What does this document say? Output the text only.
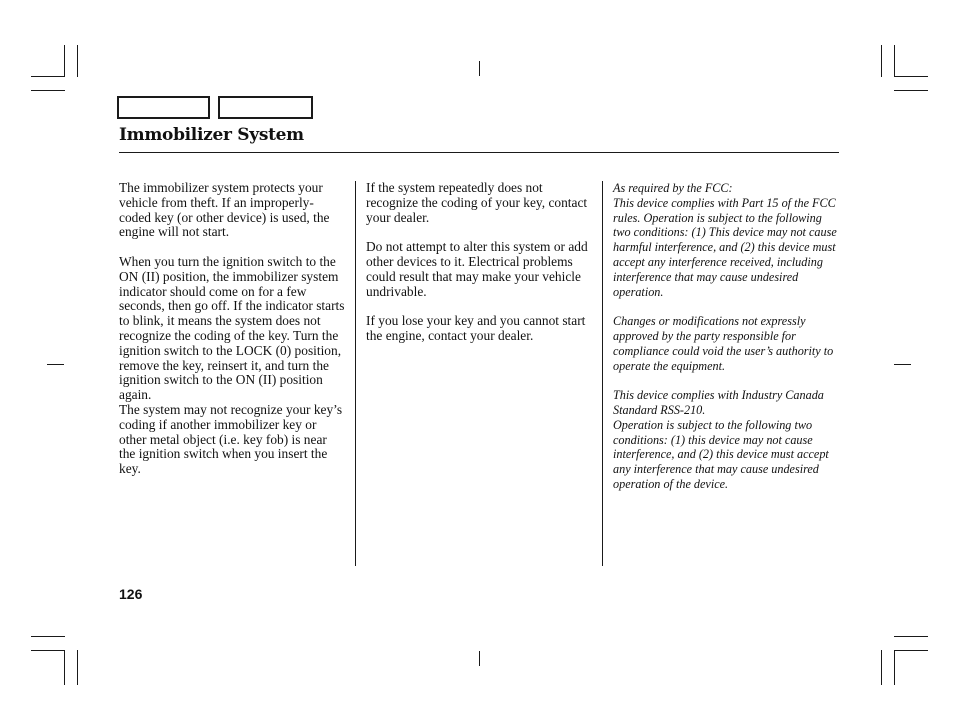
Immobilizer System

The immobilizer system protects your vehicle from theft. If an improperly-coded key (or other device) is used, the engine will not start.

When you turn the ignition switch to the ON (II) position, the immobilizer system indicator should come on for a few seconds, then go off. If the indicator starts to blink, it means the system does not recognize the coding of the key. Turn the ignition switch to the LOCK (0) position, remove the key, reinsert it, and turn the ignition switch to the ON (II) position again.

The system may not recognize your key’s coding if another immobilizer key or other metal object (i.e. key fob) is near the ignition switch when you insert the key.

If the system repeatedly does not recognize the coding of your key, contact your dealer.

Do not attempt to alter this system or add other devices to it. Electrical problems could result that may make your vehicle undrivable.

If you lose your key and you cannot start the engine, contact your dealer.

As required by the FCC:

This device complies with Part 15 of the FCC rules. Operation is subject to the following two conditions: (1) This device may not cause harmful interference, and (2) this device must accept any interference received, including interference that may cause undesired operation.

Changes or modifications not expressly approved by the party responsible for compliance could void the user’s authority to operate the equipment.

This device complies with Industry Canada Standard RSS-210.

Operation is subject to the following two conditions: (1) this device may not cause interference, and (2) this device must accept any interference that may cause undesired operation of the device.

126
